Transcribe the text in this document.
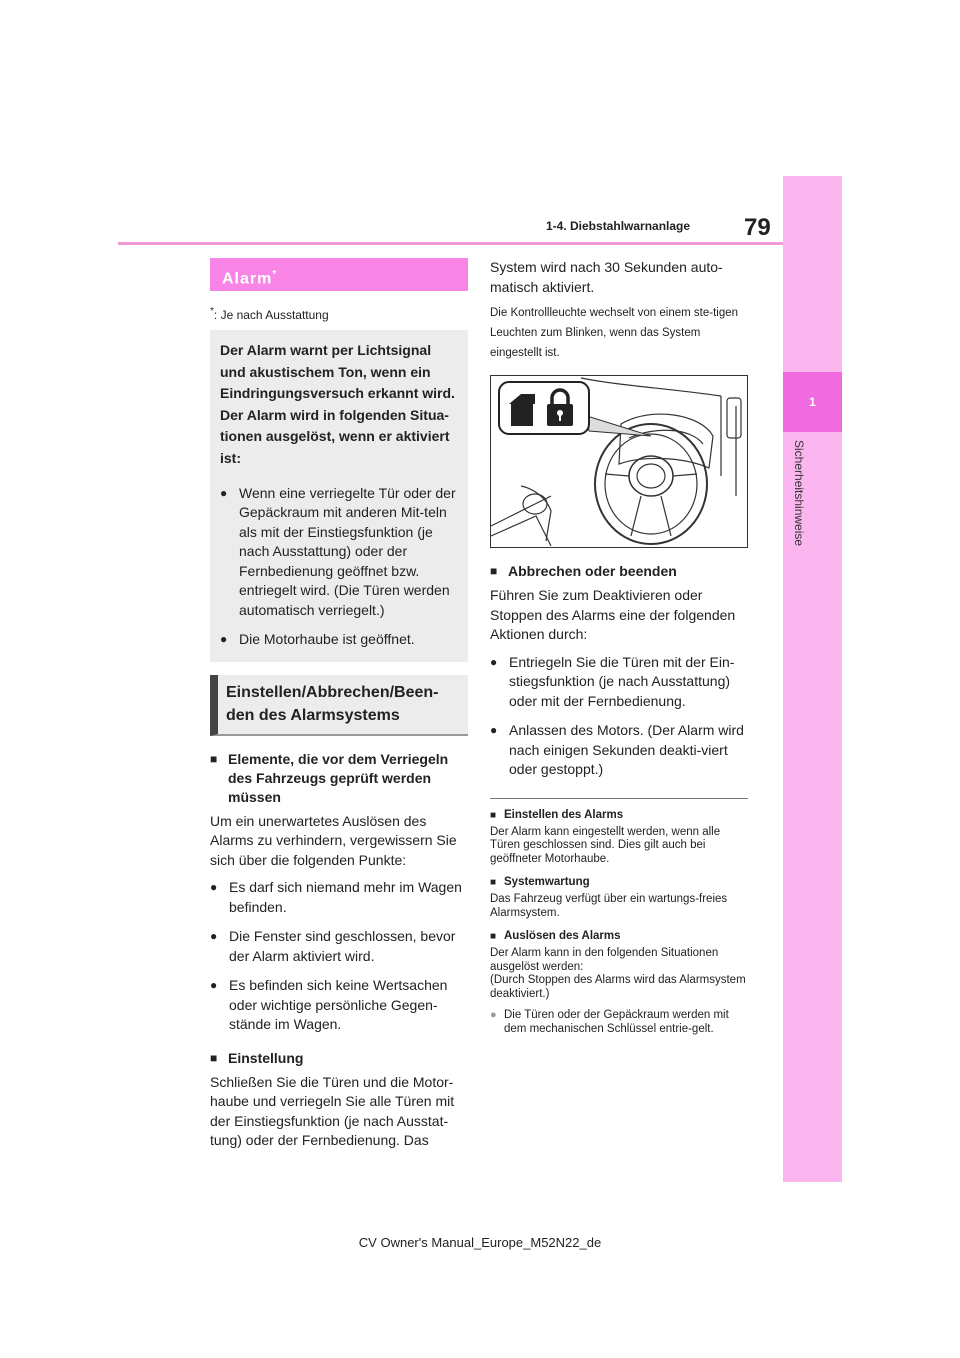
1-4. Diebstahlwarnanlage 79
1
Sicherheitshinweise
Alarm*
*: Je nach Ausstattung
Der Alarm warnt per Lichtsignal und akustischem Ton, wenn ein Eindringungsversuch erkannt wird.
Der Alarm wird in folgenden Situa-tionen ausgelöst, wenn er aktiviert ist:
● Wenn eine verriegelte Tür oder der Gepäckraum mit anderen Mit-teln als mit der Einstiegsfunktion (je nach Ausstattung) oder der Fernbedienung geöffnet bzw. entriegelt wird. (Die Türen werden automatisch verriegelt.)
● Die Motorhaube ist geöffnet.
Einstellen/Abbrechen/Been-den des Alarmsystems
■ Elemente, die vor dem Verriegeln des Fahrzeugs geprüft werden müssen
Um ein unerwartetes Auslösen des Alarms zu verhindern, vergewissern Sie sich über die folgenden Punkte:
● Es darf sich niemand mehr im Wagen befinden.
● Die Fenster sind geschlossen, bevor der Alarm aktiviert wird.
● Es befinden sich keine Wertsachen oder wichtige persönliche Gegen-stände im Wagen.
■ Einstellung
Schließen Sie die Türen und die Motor-haube und verriegeln Sie alle Türen mit der Einstiegsfunktion (je nach Ausstat-tung) oder der Fernbedienung. Das
System wird nach 30 Sekunden auto-matisch aktiviert.
Die Kontrollleuchte wechselt von einem ste-tigen Leuchten zum Blinken, wenn das System eingestellt ist.
■ Abbrechen oder beenden
Führen Sie zum Deaktivieren oder Stoppen des Alarms eine der folgenden Aktionen durch:
● Entriegeln Sie die Türen mit der Ein-stiegsfunktion (je nach Ausstattung) oder mit der Fernbedienung.
● Anlassen des Motors. (Der Alarm wird nach einigen Sekunden deakti-viert oder gestoppt.)
■ Einstellen des Alarms
Der Alarm kann eingestellt werden, wenn alle Türen geschlossen sind. Dies gilt auch bei geöffneter Motorhaube.
■ Systemwartung
Das Fahrzeug verfügt über ein wartungs-freies Alarmsystem.
■ Auslösen des Alarms
Der Alarm kann in den folgenden Situationen ausgelöst werden:
(Durch Stoppen des Alarms wird das Alarmsystem deaktiviert.)
● Die Türen oder der Gepäckraum werden mit dem mechanischen Schlüssel entrie-gelt.
CV Owner's Manual_Europe_M52N22_de
